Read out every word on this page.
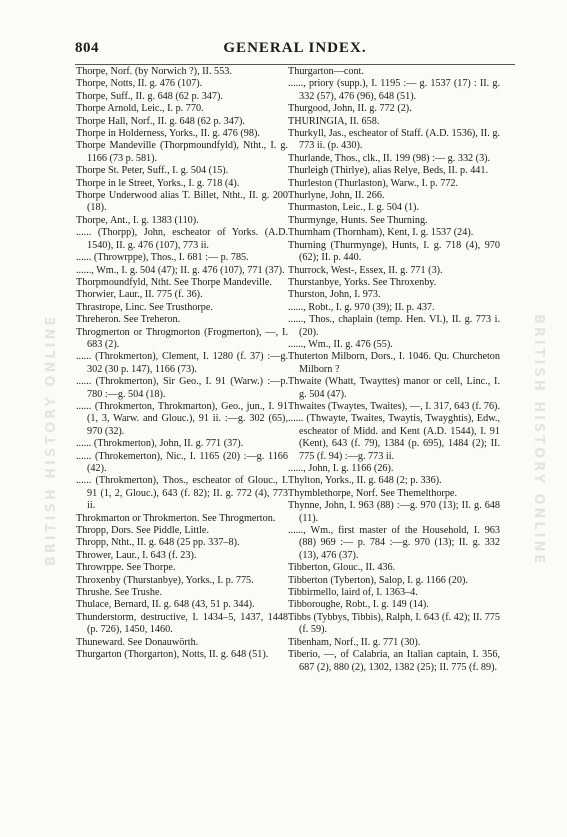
BRITISH HISTORY ONLINE	BRITISH HISTORY ONLINE
804	GENERAL INDEX.

Thorpe, Norf. (by Norwich ?), II. 553.

Thorpe, Notts, II. g. 476 (107).

Thorpe, Suff., II. g. 648 (62 p. 347).

Thorpe Arnold, Leic., I. p. 770.

Thorpe Hall, Norf., II. g. 648 (62 p. 347).

Thorpe in Holderness, Yorks., II. g. 476 (98).

Thorpe Mandeville (Thorpmoundfyld), Ntht., I. g. 1166 (73 p. 581).

Thorpe St. Peter, Suff., I. g. 504 (15).

Thorpe in le Street, Yorks., I. g. 718 (4).

Thorpe Underwood alias T. Billet, Ntht., II. g. 200 (18).

Thorpe, Ant., I. g. 1383 (110).

...... (Thorpp), John, escheator of Yorks. (A.D. 1540), II. g. 476 (107), 773 ii.

...... (Throwrppe), Thos., I. 681 :— p. 785.

......, Wm., I. g. 504 (47); II. g. 476 (107), 771 (37).

Thorpmoundfyld, Ntht. See Thorpe Mandeville.

Thorwier, Laur., II. 775 (f. 36).

Thrastrope, Linc. See Trusthorpe.

Threheron. See Treheron.

Throgmerton or Throgmorton (Frogmerton), —, I. 683 (2).

...... (Throkmerton), Clement, I. 1280 (f. 37) :—g. 302 (30 p. 147), 1166 (73).

...... (Throkmerton), Sir Geo., I. 91 (Warw.) :—p. 780 :—g. 504 (18).

...... (Throkmerton, Throkmarton), Geo., jun., I. 91 (1, 3, Warw. and Glouc.), 91 ii. :—g. 302 (65), 970 (32).

...... (Throkmerton), John, II. g. 771 (37).

...... (Throkemerton), Nic., I. 1165 (20) :—g. 1166 (42).

...... (Throkmerton), Thos., escheator of Glouc., I. 91 (1, 2, Glouc.), 643 (f. 82); II. g. 772 (4), 773 ii.

Throkmarton or Throkmerton. See Throgmerton.

Thropp, Dors. See Piddle, Little.

Thropp, Ntht., II. g. 648 (25 pp. 337–8).

Thrower, Laur., I. 643 (f. 23).

Throwrppe. See Thorpe.

Throxenby (Thurstanbye), Yorks., I. p. 775.

Thrushe. See Trushe.

Thulace, Bernard, II. g. 648 (43, 51 p. 344).

Thunderstorm, destructive, I. 1434–5, 1437, 1448 (p. 726), 1450, 1460.

Thuneward. See Donauwörth.

Thurgarton (Thorgarton), Notts, II. g. 648 (51).

Thurgarton—cont.

......, priory (supp.), I. 1195 :— g. 1537 (17) : II. g. 332 (57), 476 (96), 648 (51).

Thurgood, John, II. g. 772 (2).

THURINGIA, II. 658.

Thurkyll, Jas., escheator of Staff. (A.D. 1536), II. g. 773 ii. (p. 430).

Thurlande, Thos., clk., II. 199 (98) :— g. 332 (3).

Thurleigh (Thirlye), alias Relye, Beds, II. p. 441.

Thurleston (Thurlaston), Warw., I. p. 772.

Thurlyne, John, II. 266.

Thurmaston, Leic., I. g. 504 (1).

Thurmynge, Hunts. See Thurning.

Thurnham (Thornham), Kent, I. g. 1537 (24).

Thurning (Thurmynge), Hunts, I. g. 718 (4), 970 (62); II. p. 440.

Thurrock, West-, Essex, II. g. 771 (3).

Thurstanbye, Yorks. See Throxenby.

Thurston, John, I. 973.

......, Robt., I. g. 970 (39); II. p. 437.

......, Thos., chaplain (temp. Hen. VI.), II. g. 773 i. (20).

......, Wm., II. g. 476 (55).

Thuterton Milborn, Dors., I. 1046. Qu. Churcheton Milborn ?

Thwaite (Whatt, Twayttes) manor or cell, Linc., I. g. 504 (47).

Thwaites (Twaytes, Twaites), —, I. 317, 643 (f. 76).

...... (Thwayte, Twaites, Twaytis, Twayghtis), Edw., escheator of Midd. and Kent (A.D. 1544), I. 91 (Kent), 643 (f. 79), 1384 (p. 695), 1484 (2); II. 775 (f. 94) :—g. 773 ii.

......, John, I. g. 1166 (26).

Thylton, Yorks., II. g. 648 (2; p. 336).

Thymblethorpe, Norf. See Themelthorpe.

Thynne, John, I. 963 (88) :—g. 970 (13); II. g. 648 (11).

......, Wm., first master of the Household, I. 963 (88) 969 :— p. 784 :—g. 970 (13); II. g. 332 (13), 476 (37).

Tibberton, Glouc., II. 436.

Tibberton (Tyberton), Salop, I. g. 1166 (20).

Tibbirmello, laird of, I. 1363–4.

Tibboroughe, Robt., I. g. 149 (14).

Tibbs (Tybbys, Tibbis), Ralph, I. 643 (f. 42); II. 775 (f. 59).

Tibenham, Norf., II. g. 771 (30).

Tiberio, —, of Calabria, an Italian captain, I. 356, 687 (2), 880 (2), 1302, 1382 (25); II. 775 (f. 89).
